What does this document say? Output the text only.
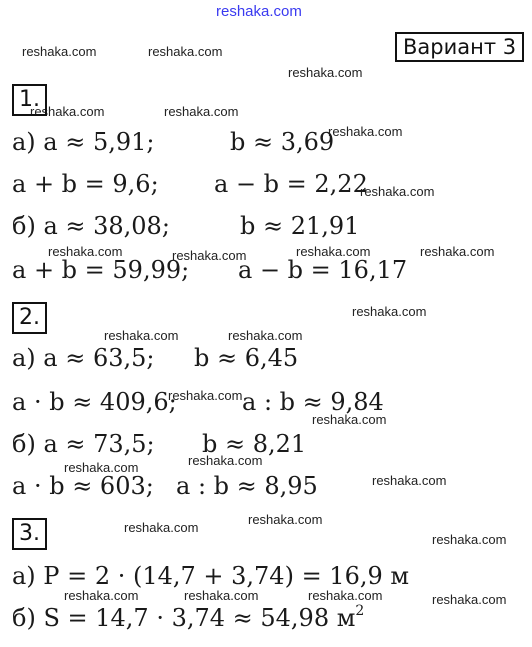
reshaka.com
reshaka.com	reshaka.com
reshaka.com
reshaka.com	reshaka.com
reshaka.com
reshaka.com
reshaka.com	reshaka.com	reshaka.com	reshaka.com
reshaka.com
reshaka.com	reshaka.com
reshaka.com
reshaka.com
reshaka.com
reshaka.com
reshaka.com
reshaka.com
reshaka.com
reshaka.com
reshaka.com	reshaka.com	reshaka.com	reshaka.com
Вариант 3
1.
а) a ≈ 5,91;	b ≈ 3,69
a + b = 9,6; a − b = 2,22
б) a ≈ 38,08;	b ≈ 21,91
a + b = 59,99; a − b = 16,17
2.
а) a ≈ 63,5; b ≈ 6,45
a · b ≈ 409,6;	a : b ≈ 9,84
б) a ≈ 73,5; b ≈ 8,21
a · b ≈ 603; a : b ≈ 8,95
3.
а) P = 2 · (14,7 + 3,74) = 16,9 м
б) S = 14,7 · 3,74 ≈ 54,98 $м^2$
